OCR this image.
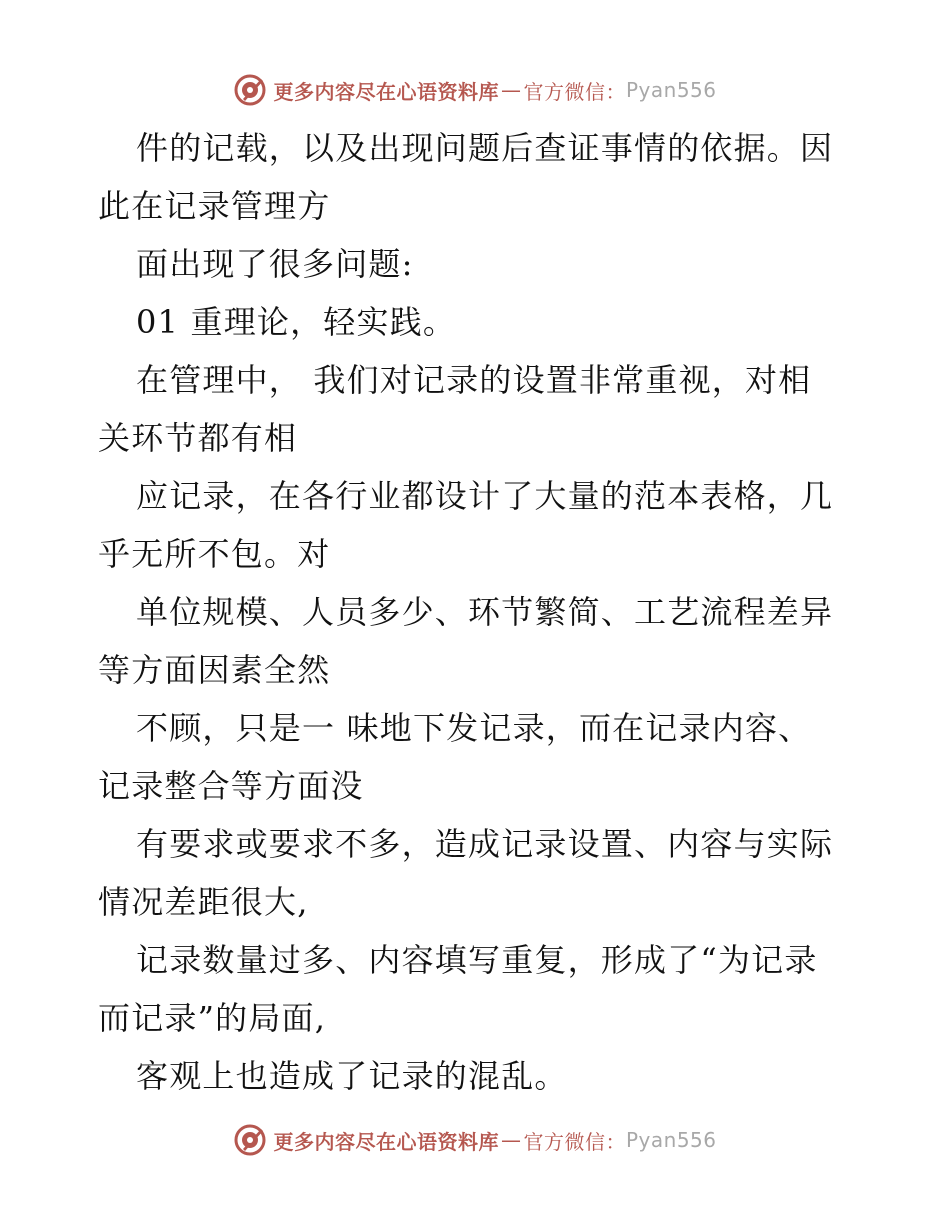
更多内容尽在心语资料库 — 官方微信： Pyan556

件的记载，以及出现问题后查证事情的依据。因
此在记录管理方

面出现了很多问题:

01 重理论，轻实践。

在管理中， 我们对记录的设置非常重视，对相
关环节都有相

应记录，在各行业都设计了大量的范本表格，几
乎无所不包。对

单位规模、人员多少、环节繁简、工艺流程差异
等方面因素全然

不顾，只是一 味地下发记录，而在记录内容、
记录整合等方面没

有要求或要求不多，造成记录设置、内容与实际
情况差距很大,

记录数量过多、内容填写重复，形成了“为记录
而记录”的局面,

客观上也造成了记录的混乱。

更多内容尽在心语资料库 — 官方微信： Pyan556
